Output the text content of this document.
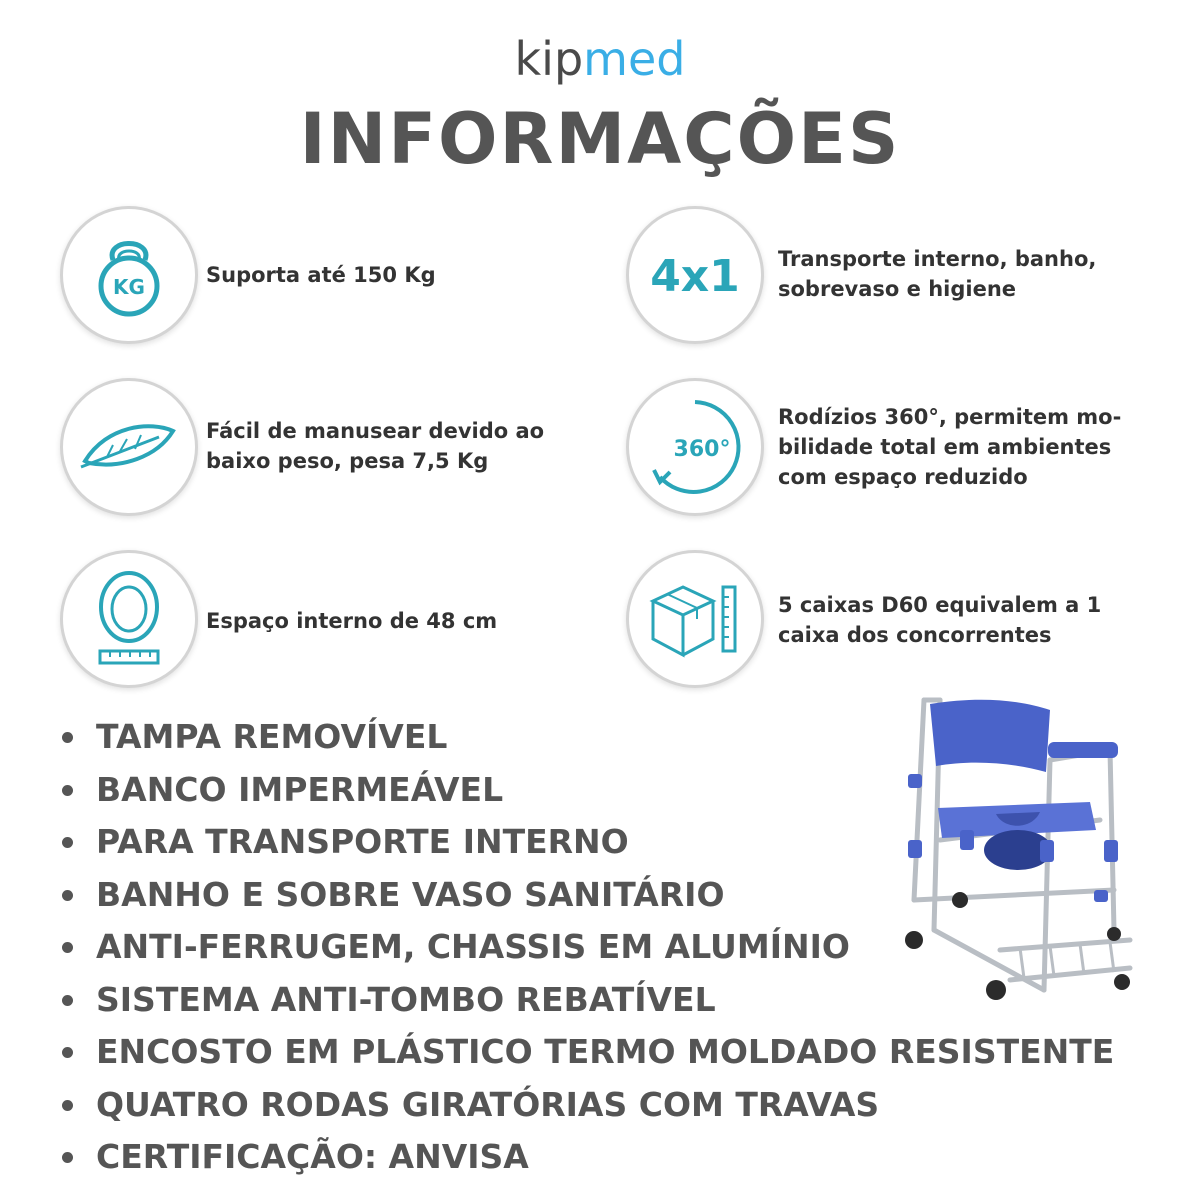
kipmed
INFORMAÇÕES
KG	Suporta até 150 Kg	4x1 Transporte interno, banho,
sobrevaso e higiene
Fácil de manusear devido ao
baixo peso, pesa 7,5 Kg	360°
Rodízios 360°, permitem mo-
bilidade total em ambientes
com espaço reduzido
Espaço interno de 48 cm
5 caixas D60 equivalem a 1
caixa dos concorrentes
TAMPA REMOVÍVEL
BANCO IMPERMEÁVEL
PARA TRANSPORTE INTERNO
BANHO E SOBRE VASO SANITÁRIO
ANTI-FERRUGEM, CHASSIS EM ALUMÍNIO
SISTEMA ANTI-TOMBO REBATÍVEL
ENCOSTO EM PLÁSTICO TERMO MOLDADO RESISTENTE
QUATRO RODAS GIRATÓRIAS COM TRAVAS
CERTIFICAÇÃO: ANVISA
